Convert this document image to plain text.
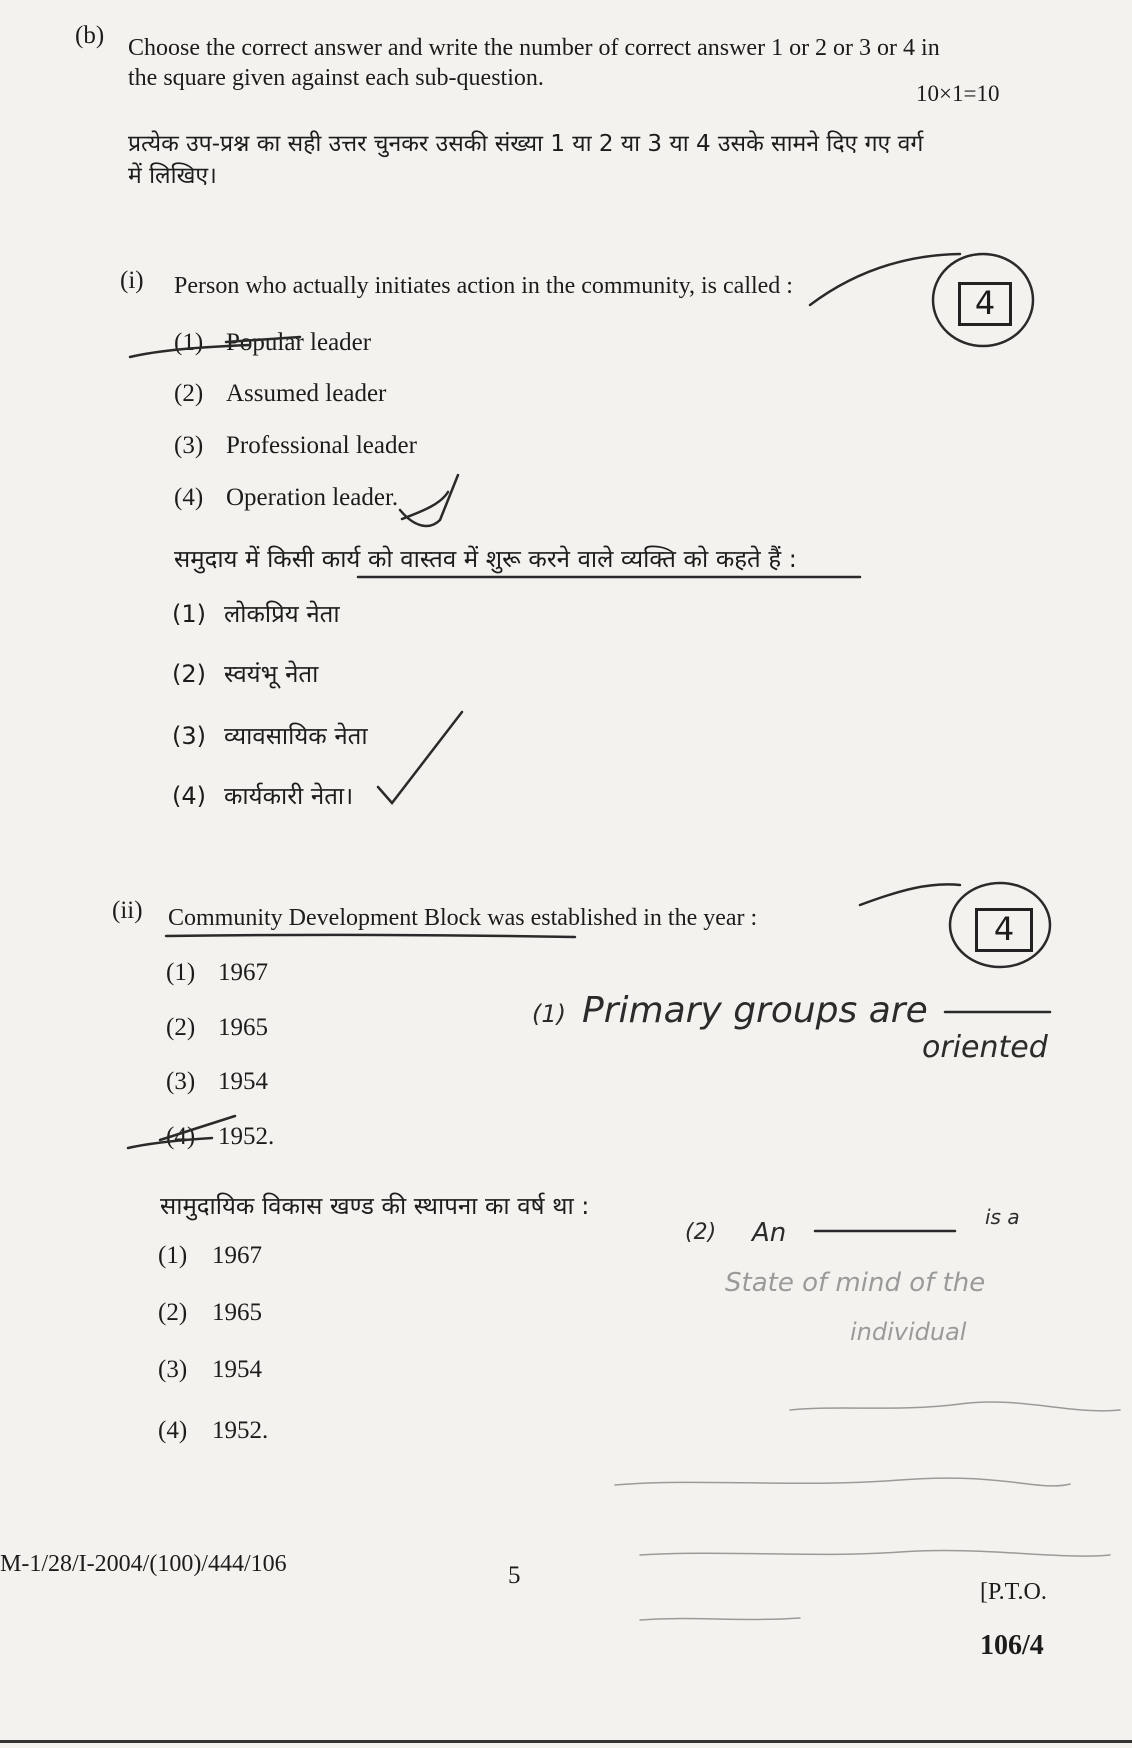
(b) Choose the correct answer and write the number of correct answer 1 or 2 or 3 or 4 in
the square given against each sub-question.
10×1=10
प्रत्येक उप-प्रश्न का सही उत्तर चुनकर उसकी संख्या 1 या 2 या 3 या 4 उसके सामने दिए गए वर्ग
में लिखिए।
(i) Person who actually initiates action in the community, is called :	4
(1) Popular leader
(2) Assumed leader
(3) Professional leader
(4) Operation leader.
समुदाय में किसी कार्य को वास्तव में शुरू करने वाले व्यक्ति को कहते हैं :
(1) लोकप्रिय नेता
(2) स्वयंभू नेता
(3) व्यावसायिक नेता
(4) कार्यकारी नेता।
(ii) Community Development Block was established in the year :	4
(1) 1967
(2) 1965
(3) 1954
(4) 1952.
सामुदायिक विकास खण्ड की स्थापना का वर्ष था :
(1) 1967
(2) 1965
(3) 1954
(4) 1952.
(1) Primary groups are
oriented
(2) An
is a
State of mind of the
individual
M-1/28/I-2004/(100)/444/106	5
[P.T.O.
106/4
